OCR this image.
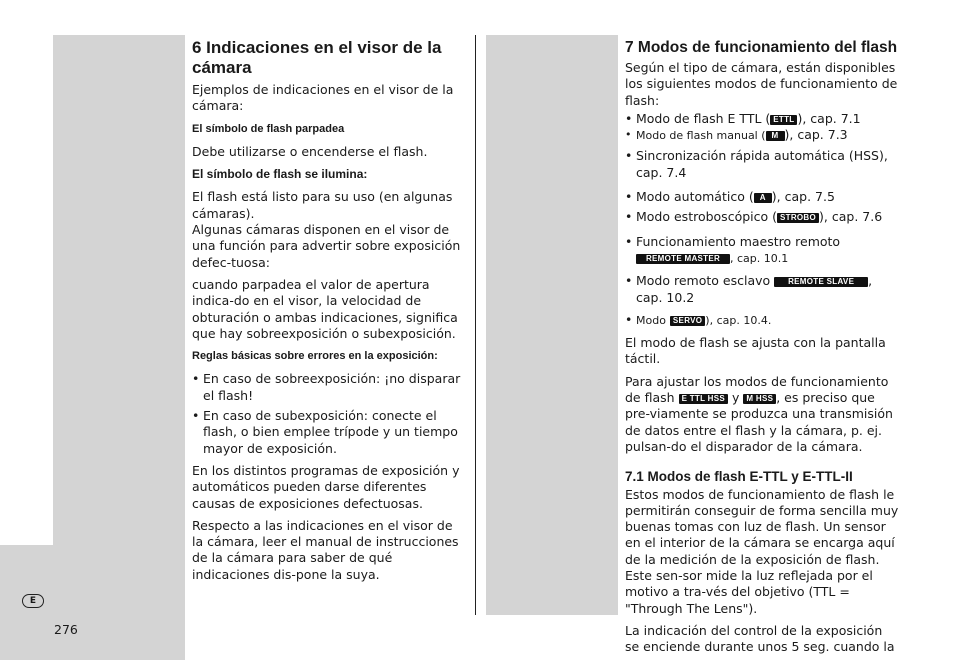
E
276
6 Indicaciones en el visor de la cámara

Ejemplos de indicaciones en el visor de la cámara:

El símbolo de flash parpadea

Debe utilizarse o encenderse el flash.

El símbolo de flash se ilumina:

El flash está listo para su uso (en algunas cámaras).

Algunas cámaras disponen en el visor de una función para advertir sobre exposición defec-tuosa:

cuando parpadea el valor de apertura indica-do en el visor, la velocidad de obturación o ambas indicaciones, significa que hay sobreexposición o subexposición.

Reglas básicas sobre errores en la exposición:
• En caso de sobreexposición: ¡no disparar el flash!
• En caso de subexposición: conecte el flash, o bien emplee trípode y un tiempo mayor de exposición.

En los distintos programas de exposición y automáticos pueden darse diferentes causas de exposiciones defectuosas.

Respecto a las indicaciones en el visor de la cámara, leer el manual de instrucciones de la cámara para saber de qué indicaciones dis-pone la suya.

7 Modos de funcionamiento del flash

Según el tipo de cámara, están disponibles los siguientes modos de funcionamiento de flash:

• Modo de flash E TTL ( ETTL ), cap. 7.1
• Modo de flash manual ( M ), cap. 7.3
• Sincronización rápida automática (HSS), cap. 7.4
• Modo automático ( A ), cap. 7.5
• Modo estroboscópico ( STROBO ), cap. 7.6
• Funcionamiento maestro remoto
REMOTE MASTER , cap. 10.1
• Modo remoto esclavo REMOTE SLAVE , cap. 10.2
• Modo SERVO ), cap. 10.4.

El modo de flash se ajusta con la pantalla táctil.

Para ajustar los modos de funcionamiento de flash E TTL HSS y M HSS , es preciso que pre-viamente se produzca una transmisión de datos entre el flash y la cámara, p. ej. pulsan-do el disparador de la cámara.

7.1 Modos de flash E-TTL y E-TTL-II

Estos modos de funcionamiento de flash le permitirán conseguir de forma sencilla muy buenas tomas con luz de flash. Un sensor en el interior de la cámara se encarga aquí de la medición de la exposición de flash. Este sen-sor mide la luz reflejada por el motivo a tra-vés del objetivo (TTL = "Through The Lens").

La indicación del control de la exposición se enciende durante unos 5 seg. cuando la
